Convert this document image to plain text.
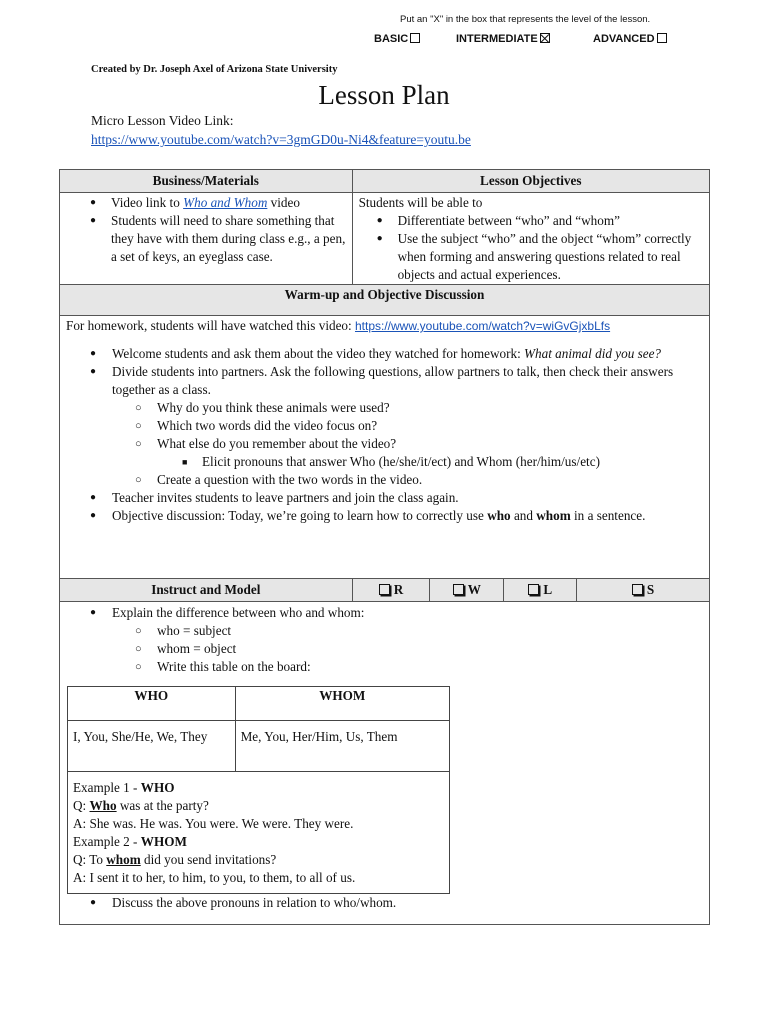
Put an "X" in the box that represents the level of the lesson.
BASIC	INTERMEDIATE	ADVANCED
Created by Dr. Joseph Axel of Arizona State University
Lesson Plan
Micro Lesson Video Link:
https://www.youtube.com/watch?v=3gmGD0u-Ni4&feature=youtu.be
Business/Materials	Lesson Objectives

● Video link to Who and Whom video
● Students will need to share something that they have with them during class e.g., a pen, a set of keys, an eyeglass case.

Students will be able to
● Differentiate between “who” and “whom”
● Use the subject “who” and the object “whom” correctly when forming and answering questions related to real objects and actual experiences.

Warm-up and Objective Discussion

For homework, students will have watched this video: https://www.youtube.com/watch?v=wiGvGjxbLfs
● Welcome students and ask them about the video they watched for homework: What animal did you see?
● Divide students into partners. Ask the following questions, allow partners to talk, then check their answers together as a class.
○ Why do you think these animals were used?
○ Which two words did the video focus on?
○ What else do you remember about the video?
■ Elicit pronouns that answer Who (he/she/it/ect) and Whom (her/him/us/etc)
○ Create a question with the two words in the video.
● Teacher invites students to leave partners and join the class again.
● Objective discussion: Today, we’re going to learn how to correctly use who and whom in a sentence.

Instruct and Model	R	W	L	S

● Explain the difference between who and whom:
○ who = subject
○ whom = object
○ Write this table on the board:
WHO	WHOM
I, You, She/He, We, They	Me, You, Her/Him, Us, Them

Example 1 - WHO
Q: Who was at the party?
A: She was. He was. You were. We were. They were.
Example 2 - WHOM
Q: To whom did you send invitations?
A: I sent it to her, to him, to you, to them, to all of us.
● Discuss the above pronouns in relation to who/whom.
